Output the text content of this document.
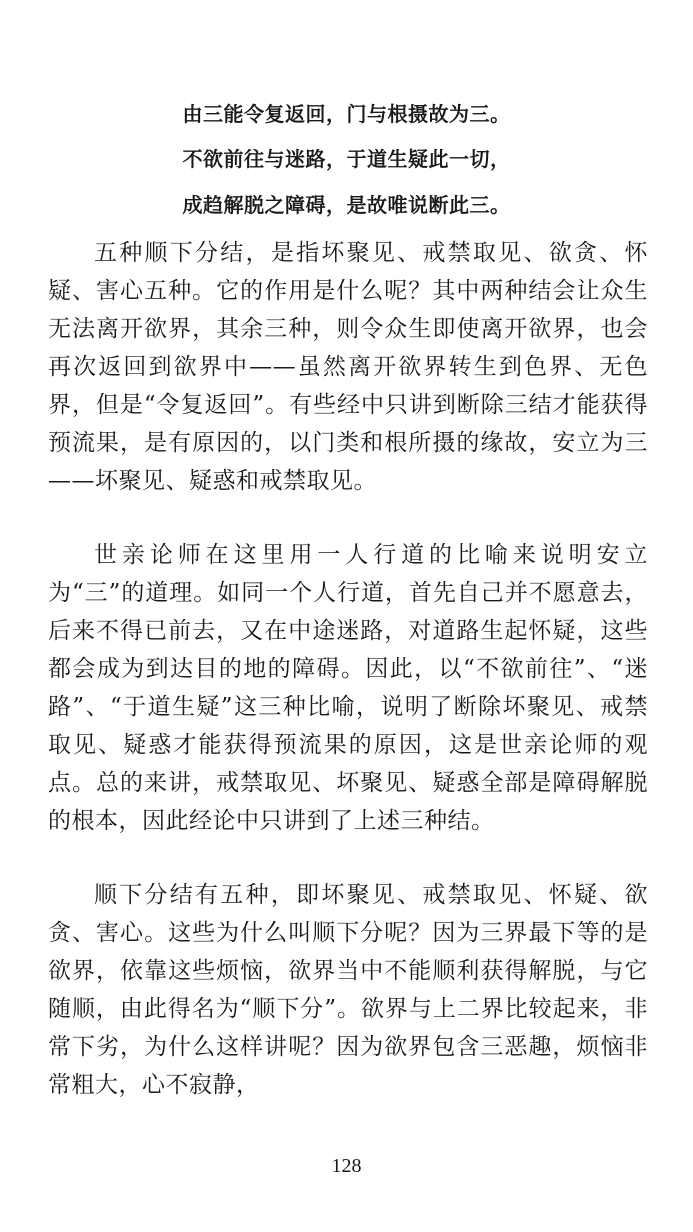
由三能令复返回，门与根摄故为三。
不欲前往与迷路，于道生疑此一切，
成趋解脱之障碍，是故唯说断此三。

五种顺下分结，是指坏聚见、戒禁取见、欲贪、怀疑、害心五种。它的作用是什么呢？其中两种结会让众生无法离开欲界，其余三种，则令众生即使离开欲界，也会再次返回到欲界中——虽然离开欲界转生到色界、无色界，但是“令复返回”。有些经中只讲到断除三结才能获得预流果，是有原因的，以门类和根所摄的缘故，安立为三——坏聚见、疑惑和戒禁取见。

世亲论师在这里用一人行道的比喻来说明安立为“三”的道理。如同一个人行道，首先自己并不愿意去，后来不得已前去，又在中途迷路，对道路生起怀疑，这些都会成为到达目的地的障碍。因此，以“不欲前往”、“迷路”、“于道生疑”这三种比喻，说明了断除坏聚见、戒禁取见、疑惑才能获得预流果的原因，这是世亲论师的观点。总的来讲，戒禁取见、坏聚见、疑惑全部是障碍解脱的根本，因此经论中只讲到了上述三种结。

顺下分结有五种，即坏聚见、戒禁取见、怀疑、欲贪、害心。这些为什么叫顺下分呢？因为三界最下等的是欲界，依靠这些烦恼，欲界当中不能顺利获得解脱，与它随顺，由此得名为“顺下分”。欲界与上二界比较起来，非常下劣，为什么这样讲呢？因为欲界包含三恶趣，烦恼非常粗大，心不寂静，

128
